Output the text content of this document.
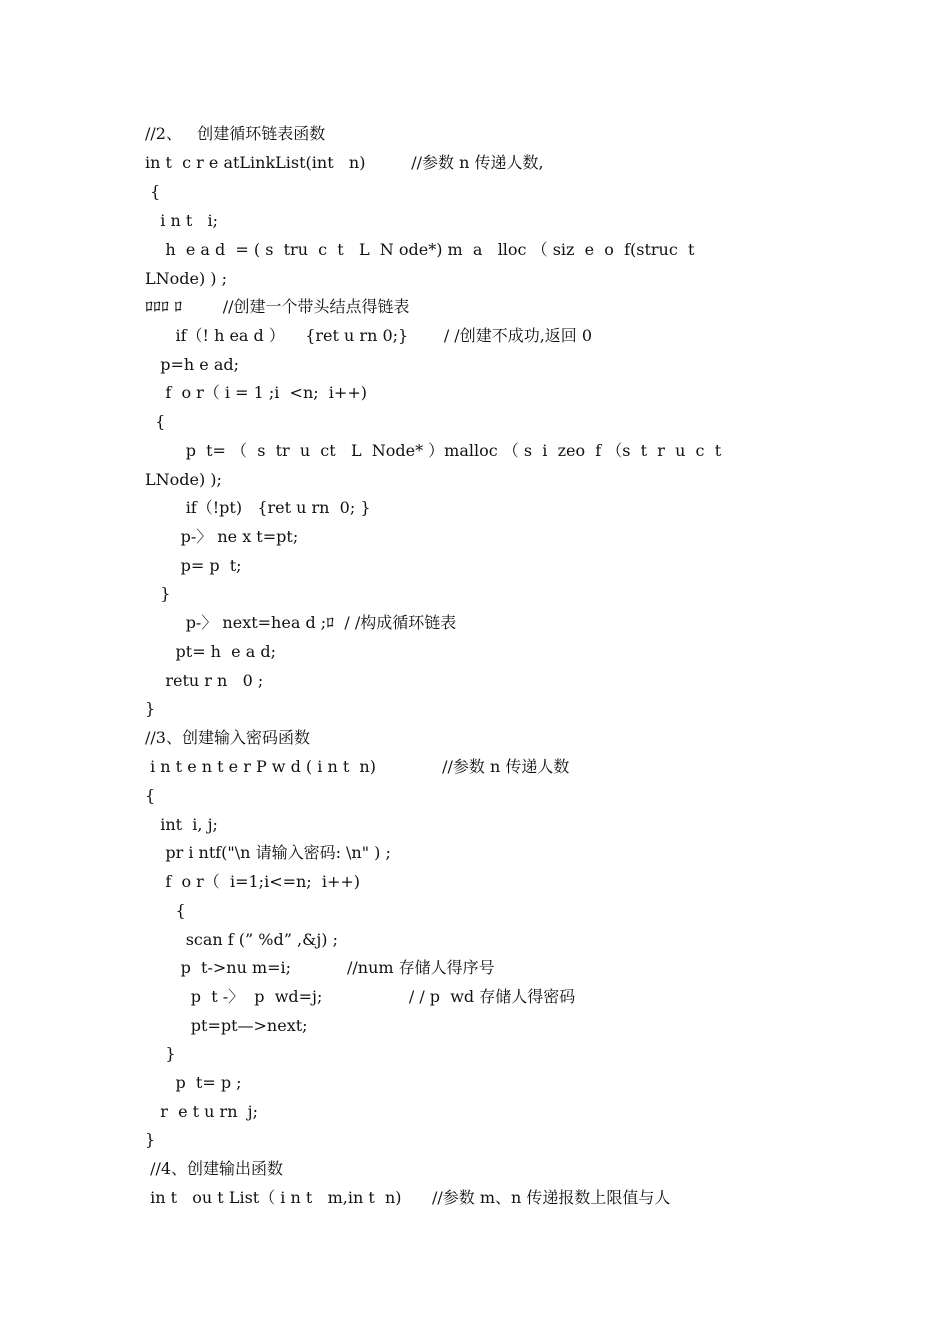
//2、   创建循环链表函数
in t  c r e atLinkList(int   n)         //参数 n 传递人数,
{
i n t   i;
h  e a d  = ( s  tru  c  t   L  N ode*) m  a   lloc （ siz  e  o  f(struc  t
LNode) ) ;
ﾛﾛﾛ ﾛ        //创建一个带头结点得链表
if（! h ea d ）    {ret u rn 0;}       / /创建不成功,返回 0
p=h e ad;
f  o r（ i = 1 ;i  <n;  i++)
{
p  t= （  s  tr  u  ct   L  Node* ）malloc （ s  i  zeo  f （s  t  r  u  c  t
LNode) );
if（!pt)   {ret u rn  0; }
p-〉 ne x t=pt;
p= p  t;
}
p-〉 next=hea d ;ﾛ  / /构成循环链表
pt= h  e a d;
retu r n   0 ;
}
//3、创建输入密码函数
i n t e n t e r P w d ( i n t  n)             //参数 n 传递人数
{
int  i, j;
pr i ntf("\n 请输入密码: \n" ) ;
f  o r（  i=1;i<=n;  i++)
{
scan f (” %d” ,&j) ;
p  t->nu m=i;           //num 存储人得序号
p  t -〉  p  wd=j;                 / / p  wd 存储人得密码
pt=pt—>next;
}
p  t= p ;
r  e t u rn  j;
}
//4、创建输出函数
in t   ou t List（ i n t   m,in t  n)      //参数 m、n 传递报数上限值与人
